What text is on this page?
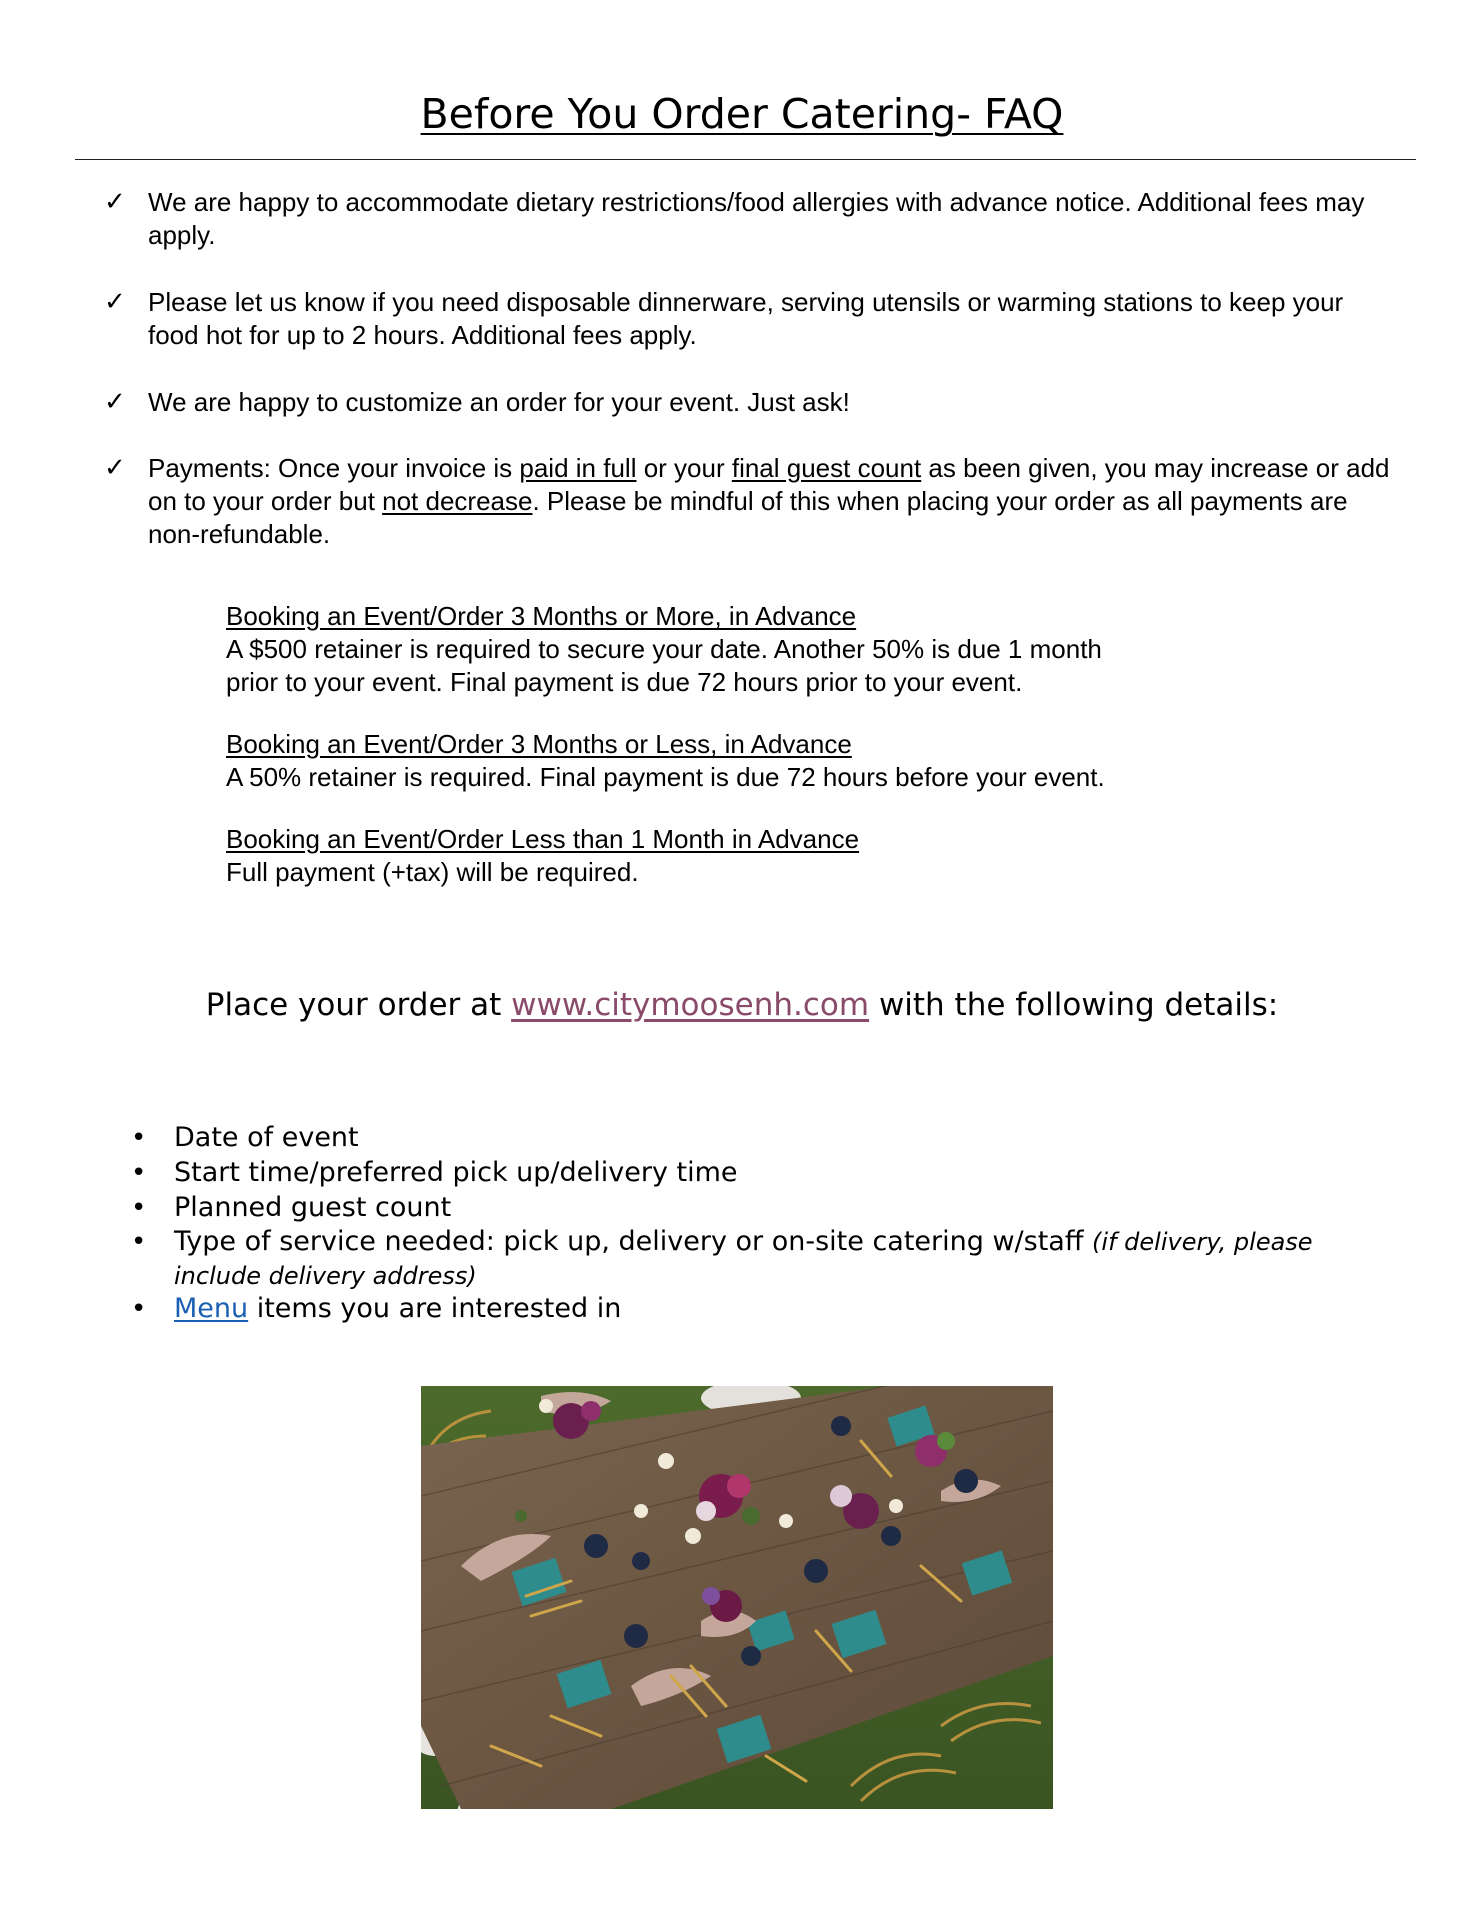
Before You Order Catering- FAQ
✓ We are happy to accommodate dietary restrictions/food allergies with advance notice. Additional fees may apply.
✓ Please let us know if you need disposable dinnerware, serving utensils or warming stations to keep your food hot for up to 2 hours. Additional fees apply.
✓ We are happy to customize an order for your event. Just ask!
✓ Payments: Once your invoice is paid in full or your final guest count as been given, you may increase or add on to your order but not decrease. Please be mindful of this when placing your order as all payments are non-refundable.
Booking an Event/Order 3 Months or More, in Advance
A $500 retainer is required to secure your date. Another 50% is due 1 month
prior to your event. Final payment is due 72 hours prior to your event.
Booking an Event/Order 3 Months or Less, in Advance
A 50% retainer is required. Final payment is due 72 hours before your event.
Booking an Event/Order Less than 1 Month in Advance
Full payment (+tax) will be required.
Place your order at www.citymoosenh.com with the following details:
• Date of event
• Start time/preferred pick up/delivery time
• Planned guest count
• Type of service needed: pick up, delivery or on-site catering w/staff (if delivery, please include delivery address)
• Menu items you are interested in
